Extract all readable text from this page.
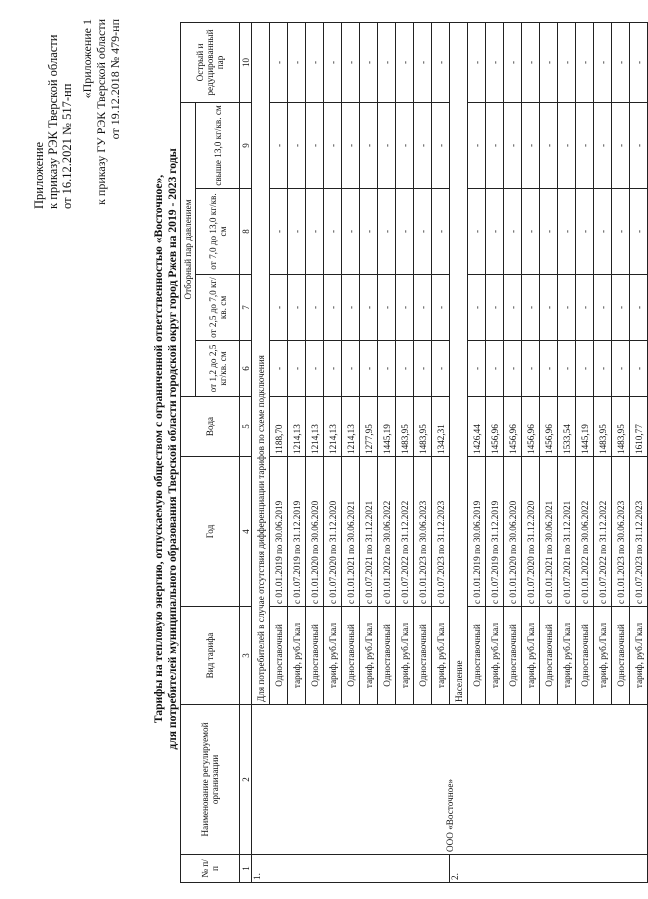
Приложение к приказу РЭК Тверской области от 16.12.2021 № 517-нп
«Приложение 1 к приказу ГУ РЭК Тверской области от 19.12.2018 № 479-нп
Тарифы на тепловую энергию, отпускаемую обществом с ограниченной ответственностью «Восточное», для потребителей муниципального образования Тверской области городской округ город Ржев на 2019 - 2023 годы
№ п/п	Наименование регулируемой организации	Вид тарифа	Год	Вода	Отборный пар давлением				Острый и редуцированный пар
					от 1,2 до 2,5 кг/кв. см	от 2,5 до 7,0 кг/кв. см	от 7,0 до 13,0 кг/кв. см	свыше 13,0 кг/кв. см	
1	2	3	4	5	6	7	8	9	10
1.	ООО «Восточное»	Для потребителей в случае отсутствия дифференциации тарифов по схеме подключения							
		Одноставочный	с 01.01.2019 по 30.06.2019	1188,70	-	-	-	-	-
		тариф, руб./Гкал	с 01.07.2019 по 31.12.2019	1214,13	-	-	-	-	-
		Одноставочный	с 01.01.2020 по 30.06.2020	1214,13	-	-	-	-	-
		тариф, руб./Гкал	с 01.07.2020 по 31.12.2020	1214,13	-	-	-	-	-
		Одноставочный	с 01.01.2021 по 30.06.2021	1214,13	-	-	-	-	-
		тариф, руб./Гкал	с 01.07.2021 по 31.12.2021	1277,95	-	-	-	-	-
		Одноставочный	с 01.01.2022 по 30.06.2022	1445,19	-	-	-	-	-
		тариф, руб./Гкал	с 01.07.2022 по 31.12.2022	1483,95	-	-	-	-	-
		Одноставочный	с 01.01.2023 по 30.06.2023	1483,95	-	-	-	-	-
		тариф, руб./Гкал	с 01.07.2023 по 31.12.2023	1342,31	-	-	-	-	-
2.		Население							
		Одноставочный	с 01.01.2019 по 30.06.2019	1426,44	-	-	-	-	-
		тариф, руб./Гкал	с 01.07.2019 по 31.12.2019	1456,96	-	-	-	-	-
		Одноставочный	с 01.01.2020 по 30.06.2020	1456,96	-	-	-	-	-
		тариф, руб./Гкал	с 01.07.2020 по 31.12.2020	1456,96	-	-	-	-	-
		Одноставочный	с 01.01.2021 по 30.06.2021	1456,96	-	-	-	-	-
		тариф, руб./Гкал	с 01.07.2021 по 31.12.2021	1533,54	-	-	-	-	-
		Одноставочный	с 01.01.2022 по 30.06.2022	1445,19	-	-	-	-	-
		тариф, руб./Гкал	с 01.07.2022 по 31.12.2022	1483,95	-	-	-	-	-
		Одноставочный	с 01.01.2023 по 30.06.2023	1483,95	-	-	-	-	-
		тариф, руб./Гкал	с 01.07.2023 по 31.12.2023	1610,77	-	-	-	-	-
